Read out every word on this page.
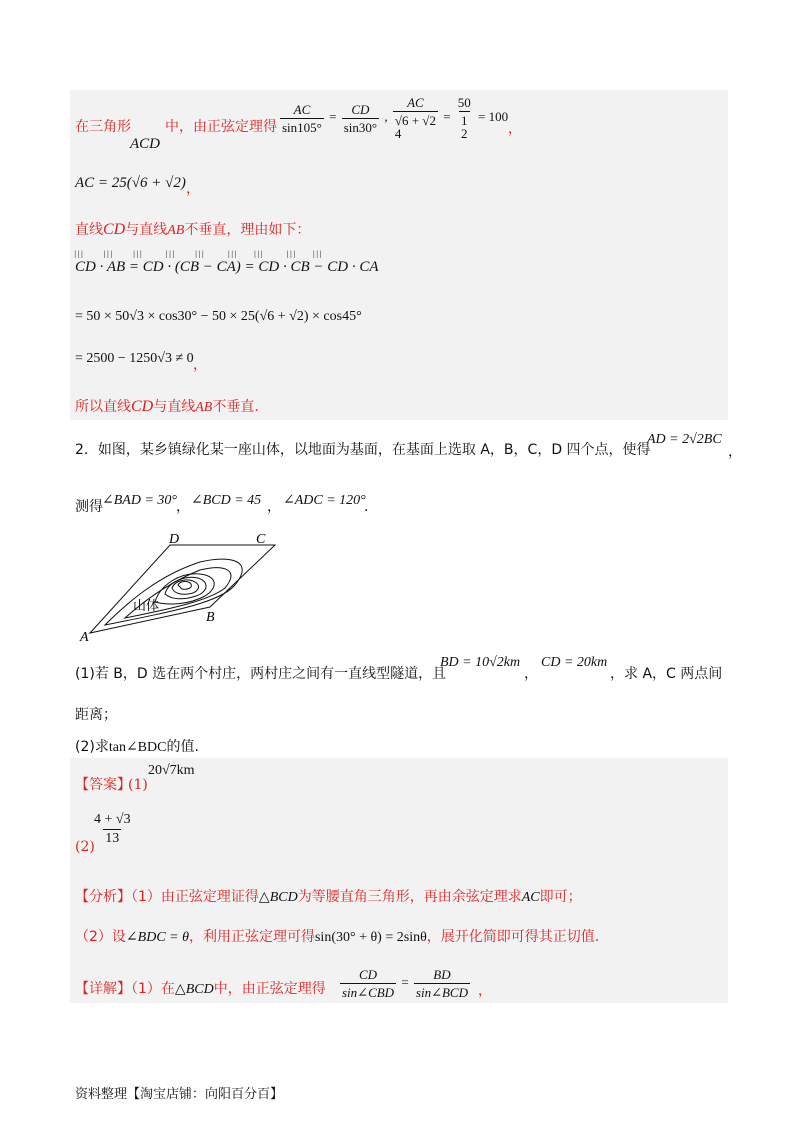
在三角形
ACD
中，由正弦定理得 $\frac{AC}{\sin 105^\circ} = \frac{CD}{\sin 30^\circ}$ ,
AC
√6 + √2
4
=
50
1
2
= 100
，
AC = 25(√6 + √2) ，
直线CD与直线AB不垂直，理由如下：
|||      |||      |||       |||      |||       |||     |||       |||     |||
CD · AB = CD · (CB − CA) = CD · CB − CD · CA
= 50 × 50√3 × cos30° − 50 × 25(√6 + √2) × cos45°
= 2500 − 1250√3 ≠ 0 ，
所以直线CD与直线AB不垂直.
2．如图，某乡镇绿化某一座山体，以地面为基面，在基面上选取 A，B，C，D 四个点，使得
AD = 2√2BC
，
测得 ∠BAD = 30° ， ∠BCD = 45 ， ∠ADC = 120°
.
A
B
C
D
山体
(1)若 B，D 选在两个村庄，两村庄之间有一直线型隧道，且
BD = 10√2km
，
CD = 20km
，求 A，C 两点间
距离；
(2)求tan∠BDC的值.
【答案】
(1)
20√7km
(2)
$\frac{4 + √3}{13}$
【分析】（1）由正弦定理证得△BCD为等腰直角三角形，再由余弦定理求AC即可；
（2）设∠BDC = θ，利用正弦定理可得sin(30° + θ) = 2sinθ，展开化简即可得其正切值.
【详解】（1）在△BCD中，由正弦定理得 $\frac{CD}{\text{sin∠CBD}} = \frac{BD}{\text{sin∠BCD}}$ ，
资料整理【淘宝店铺：向阳百分百】
